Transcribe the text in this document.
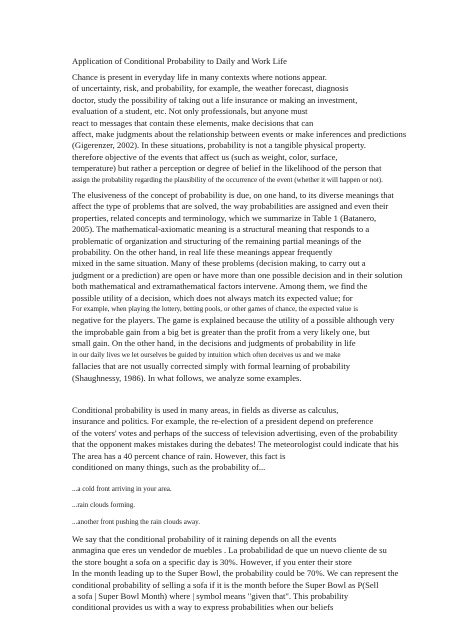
Application of Conditional Probability to Daily and Work Life
Chance is present in everyday life in many contexts where notions appear.
of uncertainty, risk, and probability, for example, the weather forecast, diagnosis
doctor, study the possibility of taking out a life insurance or making an investment,
evaluation of a student, etc. Not only professionals, but anyone must
react to messages that contain these elements, make decisions that can
affect, make judgments about the relationship between events or make inferences and predictions
(Gigerenzer, 2002). In these situations, probability is not a tangible physical property.
therefore objective of the events that affect us (such as weight, color, surface,
temperature) but rather a perception or degree of belief in the likelihood of the person that
assign the probability regarding the plausibility of the occurrence of the event (whether it will happen or not).
The elusiveness of the concept of probability is due, on one hand, to its diverse meanings that
affect the type of problems that are solved, the way probabilities are assigned and even their
properties, related concepts and terminology, which we summarize in Table 1 (Batanero,
2005). The mathematical-axiomatic meaning is a structural meaning that responds to a
problematic of organization and structuring of the remaining partial meanings of the
probability. On the other hand, in real life these meanings appear frequently
mixed in the same situation. Many of these problems (decision making, to carry out a
judgment or a prediction) are open or have more than one possible decision and in their solution
both mathematical and extramathematical factors intervene. Among them, we find the
possible utility of a decision, which does not always match its expected value; for
For example, when playing the lottery, betting pools, or other games of chance, the expected value is
negative for the players. The game is explained because the utility of a possible although very
the improbable gain from a big bet is greater than the profit from a very likely one, but
small gain. On the other hand, in the decisions and judgments of probability in life
in our daily lives we let ourselves be guided by intuition which often deceives us and we make
fallacies that are not usually corrected simply with formal learning of probability
(Shaughnessy, 1986). In what follows, we analyze some examples.
Conditional probability is used in many areas, in fields as diverse as calculus,
insurance and politics. For example, the re-election of a president depend on preference
of the voters' votes and perhaps of the success of television advertising, even of the probability
that the opponent makes mistakes during the debates! The meteorologist could indicate that his
The area has a 40 percent chance of rain. However, this fact is
conditioned on many things, such as the probability of...
...a cold front arriving in your area.
...rain clouds forming.
...another front pushing the rain clouds away.
We say that the conditional probability of it raining depends on all the events
anmagina que eres un vendedor de muebles . La probabilidad de que un nuevo cliente de su
the store bought a sofa on a specific day is 30%. However, if you enter their store
In the month leading up to the Super Bowl, the probability could be 70%. We can represent the
conditional probability of selling a sofa if it is the month before the Super Bowl as P(Sell
a sofa | Super Bowl Month) where | symbol means "given that". This probability
conditional provides us with a way to express probabilities when our beliefs
